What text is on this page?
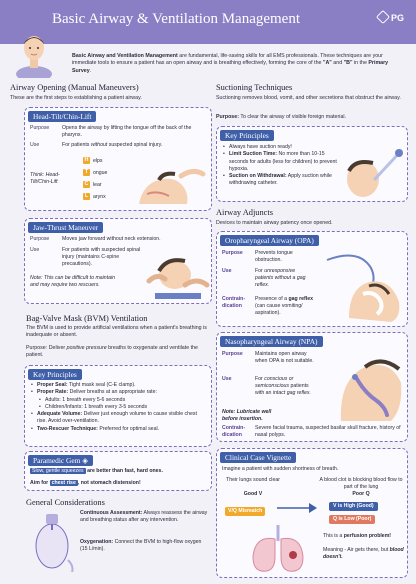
Basic Airway & Ventilation Management	PG
Basic Airway and Ventilation Management are fundamental, life-saving skills for all EMS professionals. These techniques are your immediate tools to ensure a patient has an open airway and is breathing effectively, forming the core of the "A" and "B" in the Primary Survey.
Airway Opening (Manual Maneuvers)
These are the first steps to establishing a patient airway.
Head-Tilt/Chin-Lift
Purpose Opens the airway by lifting the tongue off the back of the pharynx.
Use	For patients without suspected spinal injury.
Think: Head-Tilt/Chin-Lift
H elps
T ongue
C lear
L arynx
Jaw-Thrust Maneuver
Purpose Moves jaw forward without neck extension.
Use	For patients with suspected spinal injury (maintains C-spine precautions).
Note: This can be difficult to maintain and may require two rescuers.
Bag-Valve Mask (BVM) Ventilation
The BVM is used to provide artificial ventilations when a patient's breathing is inadequate or absent.
Purpose: Deliver positive pressure breaths to oxygenate and ventilate the patient.
Key Principles
• Proper Seal: Tight mask seal (C-E clamp).
• Proper Rate: Deliver breaths at an appropriate rate:
• Adults: 1 breath every 5-6 seconds
• Children/Infants: 1 breath every 3-5 seconds
• Adequate Volume: Deliver just enough volume to cause visible chest rise. Avoid over-ventilation.
• Two-Rescuer Technique: Preferred for optimal seal.
Paramedic Gem ◈
Slow, gentle squeezes are better than fast, hard ones.
Aim for chest rise , not stomach distension!
General Considerations
Continuous Assessment: Always reassess the airway and breathing status after any intervention.
Oxygenation: Connect the BVM to high-flow oxygen (15 L/min).
Suctioning Techniques
Suctioning removes blood, vomit, and other secretions that obstruct the airway.
Purpose: To clear the airway of visible foreign material.
Key Principles
• Always have suction ready!
• Limit Suction Time: No more than 10-15 seconds for adults (less for children) to prevent hypoxia.
• Suction on Withdrawal: Apply suction while withdrawing catheter.
Airway Adjuncts
Devices to maintain airway patency once opened.
Oropharyngeal Airway (OPA)
Purpose Prevents tongue obstruction.
Use	For unresponsive patients without a gag reflex.
Contrain-dication
Presence of a gag reflex (can cause vomiting/ aspiration).
Nasopharyngeal Airway (NPA)
Purpose Maintains open airway when OPA is not suitable.
Use	For conscious or semiconscious patients with an intact gag reflex.
Note: Lubricate well before insertion.
Contrain-dication
Severe facial trauma, suspected basilar skull fracture, history of nasal polyps.
Clinical Case Vignette
Imagine a patient with sudden shortness of breath.
Their lungs sound clear
Good V
A blood clot is blocking blood flow to part of the lung
Poor Q
V/Q Mismatch
V is High (Good)
Q is Low (Poor)
This is a perfusion problem!
Meaning - Air gets there, but blood doesn't.
